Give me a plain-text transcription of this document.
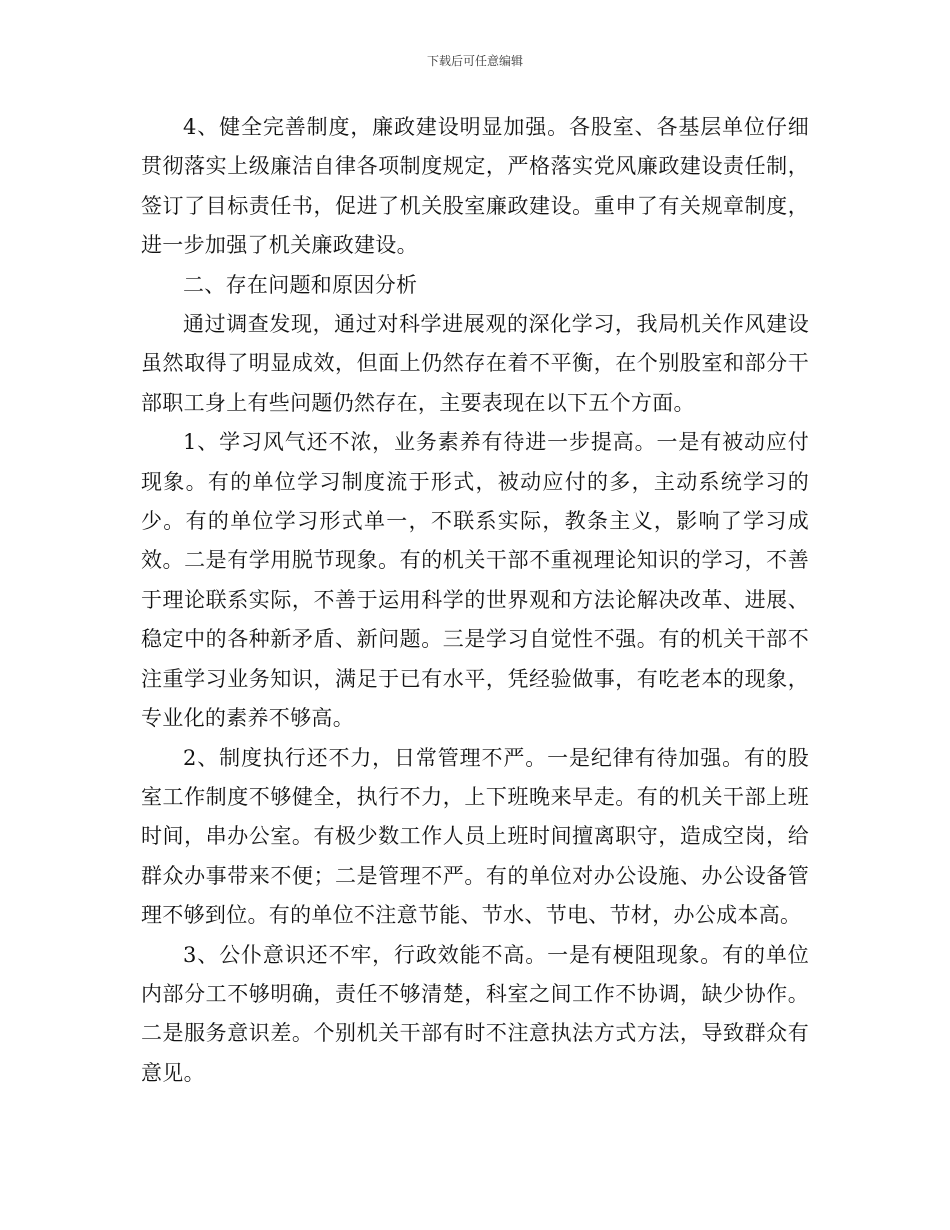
下载后可任意编辑

4、健全完善制度，廉政建设明显加强。各股室、各基层单位仔细贯彻落实上级廉洁自律各项制度规定，严格落实党风廉政建设责任制，签订了目标责任书，促进了机关股室廉政建设。重申了有关规章制度，进一步加强了机关廉政建设。

二、存在问题和原因分析

通过调查发现，通过对科学进展观的深化学习，我局机关作风建设虽然取得了明显成效，但面上仍然存在着不平衡，在个别股室和部分干部职工身上有些问题仍然存在，主要表现在以下五个方面。

1、学习风气还不浓，业务素养有待进一步提高。一是有被动应付现象。有的单位学习制度流于形式，被动应付的多，主动系统学习的少。有的单位学习形式单一，不联系实际，教条主义，影响了学习成效。二是有学用脱节现象。有的机关干部不重视理论知识的学习，不善于理论联系实际，不善于运用科学的世界观和方法论解决改革、进展、稳定中的各种新矛盾、新问题。三是学习自觉性不强。有的机关干部不注重学习业务知识，满足于已有水平，凭经验做事，有吃老本的现象，专业化的素养不够高。

2、制度执行还不力，日常管理不严。一是纪律有待加强。有的股室工作制度不够健全，执行不力，上下班晚来早走。有的机关干部上班时间，串办公室。有极少数工作人员上班时间擅离职守，造成空岗，给群众办事带来不便；二是管理不严。有的单位对办公设施、办公设备管理不够到位。有的单位不注意节能、节水、节电、节材，办公成本高。

3、公仆意识还不牢，行政效能不高。一是有梗阻现象。有的单位内部分工不够明确，责任不够清楚，科室之间工作不协调，缺少协作。二是服务意识差。个别机关干部有时不注意执法方式方法，导致群众有意见。
